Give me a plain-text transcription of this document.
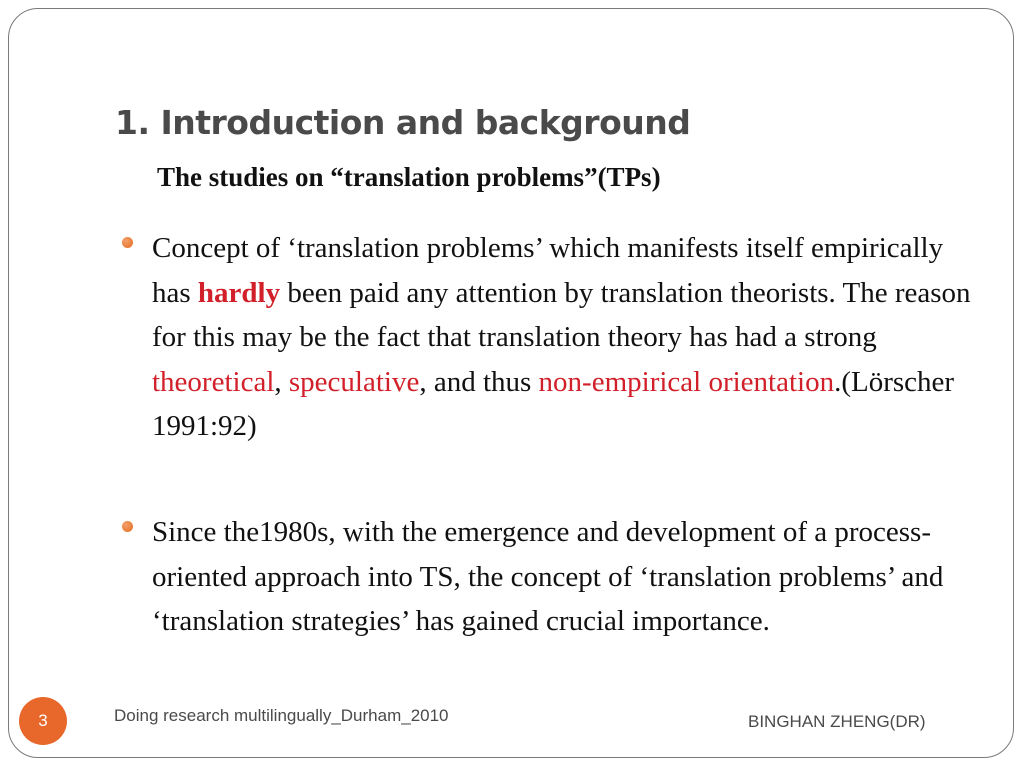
1. Introduction and background
The studies on “translation problems”(TPs)
Concept of ‘translation problems’ which manifests itself empirically has hardly been paid any attention by translation theorists. The reason for this may be the fact that translation theory has had a strong theoretical, speculative, and thus non-empirical orientation.(Lörscher 1991:92)
Since the1980s, with the emergence and development of a process-oriented approach into TS, the concept of ‘translation problems’ and ‘translation strategies’ has gained crucial importance.
3	Doing research multilingually_Durham_2010	BINGHAN ZHENG(DR)
